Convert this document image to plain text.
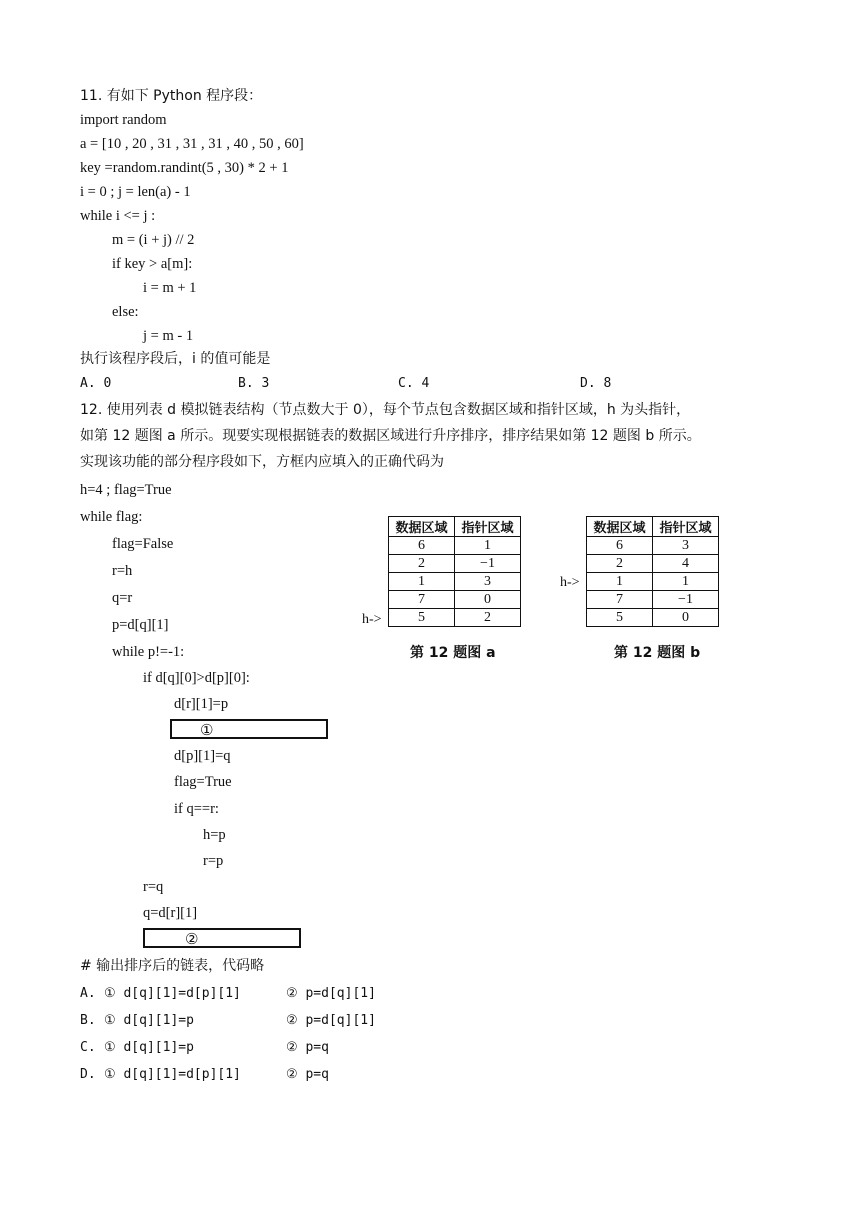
11. 有如下 Python 程序段：
import random
a = [10 , 20 , 31 , 31 , 31 , 40 , 50 , 60]
key =random.randint(5 , 30) * 2 + 1
i = 0 ; j = len(a) - 1
while i <= j :
m = (i + j) // 2
if key > a[m]:
i = m + 1
else:
j = m - 1
执行该程序段后，i 的值可能是
A. 0	B. 3	C. 4	D. 8
12. 使用列表 d 模拟链表结构（节点数大于 0），每个节点包含数据区域和指针区域，h 为头指针，
如第 12 题图 a 所示。现要实现根据链表的数据区域进行升序排序，排序结果如第 12 题图 b 所示。
实现该功能的部分程序段如下，方框内应填入的正确代码为
h=4 ; flag=True
while flag:
flag=False
r=h
q=r
p=d[q][1]
while p!=-1:
if d[q][0]>d[p][0]:
d[r][1]=p
①
d[p][1]=q
flag=True
if q==r:
h=p
r=p
r=q
q=d[r][1]
②
# 输出排序后的链表，代码略
A. ① d[q][1]=d[p][1]	② p=d[q][1]
B. ① d[q][1]=p	② p=d[q][1]
C. ① d[q][1]=p	② p=q
D. ① d[q][1]=d[p][1]	② p=q
数据区域	指针区域
6	1
2	−1
1	3
7	0
5	2
h->
第 12 题图 a
数据区域	指针区域
6	3
2	4
1	1
7	−1
5	0
h->
第 12 题图 b
